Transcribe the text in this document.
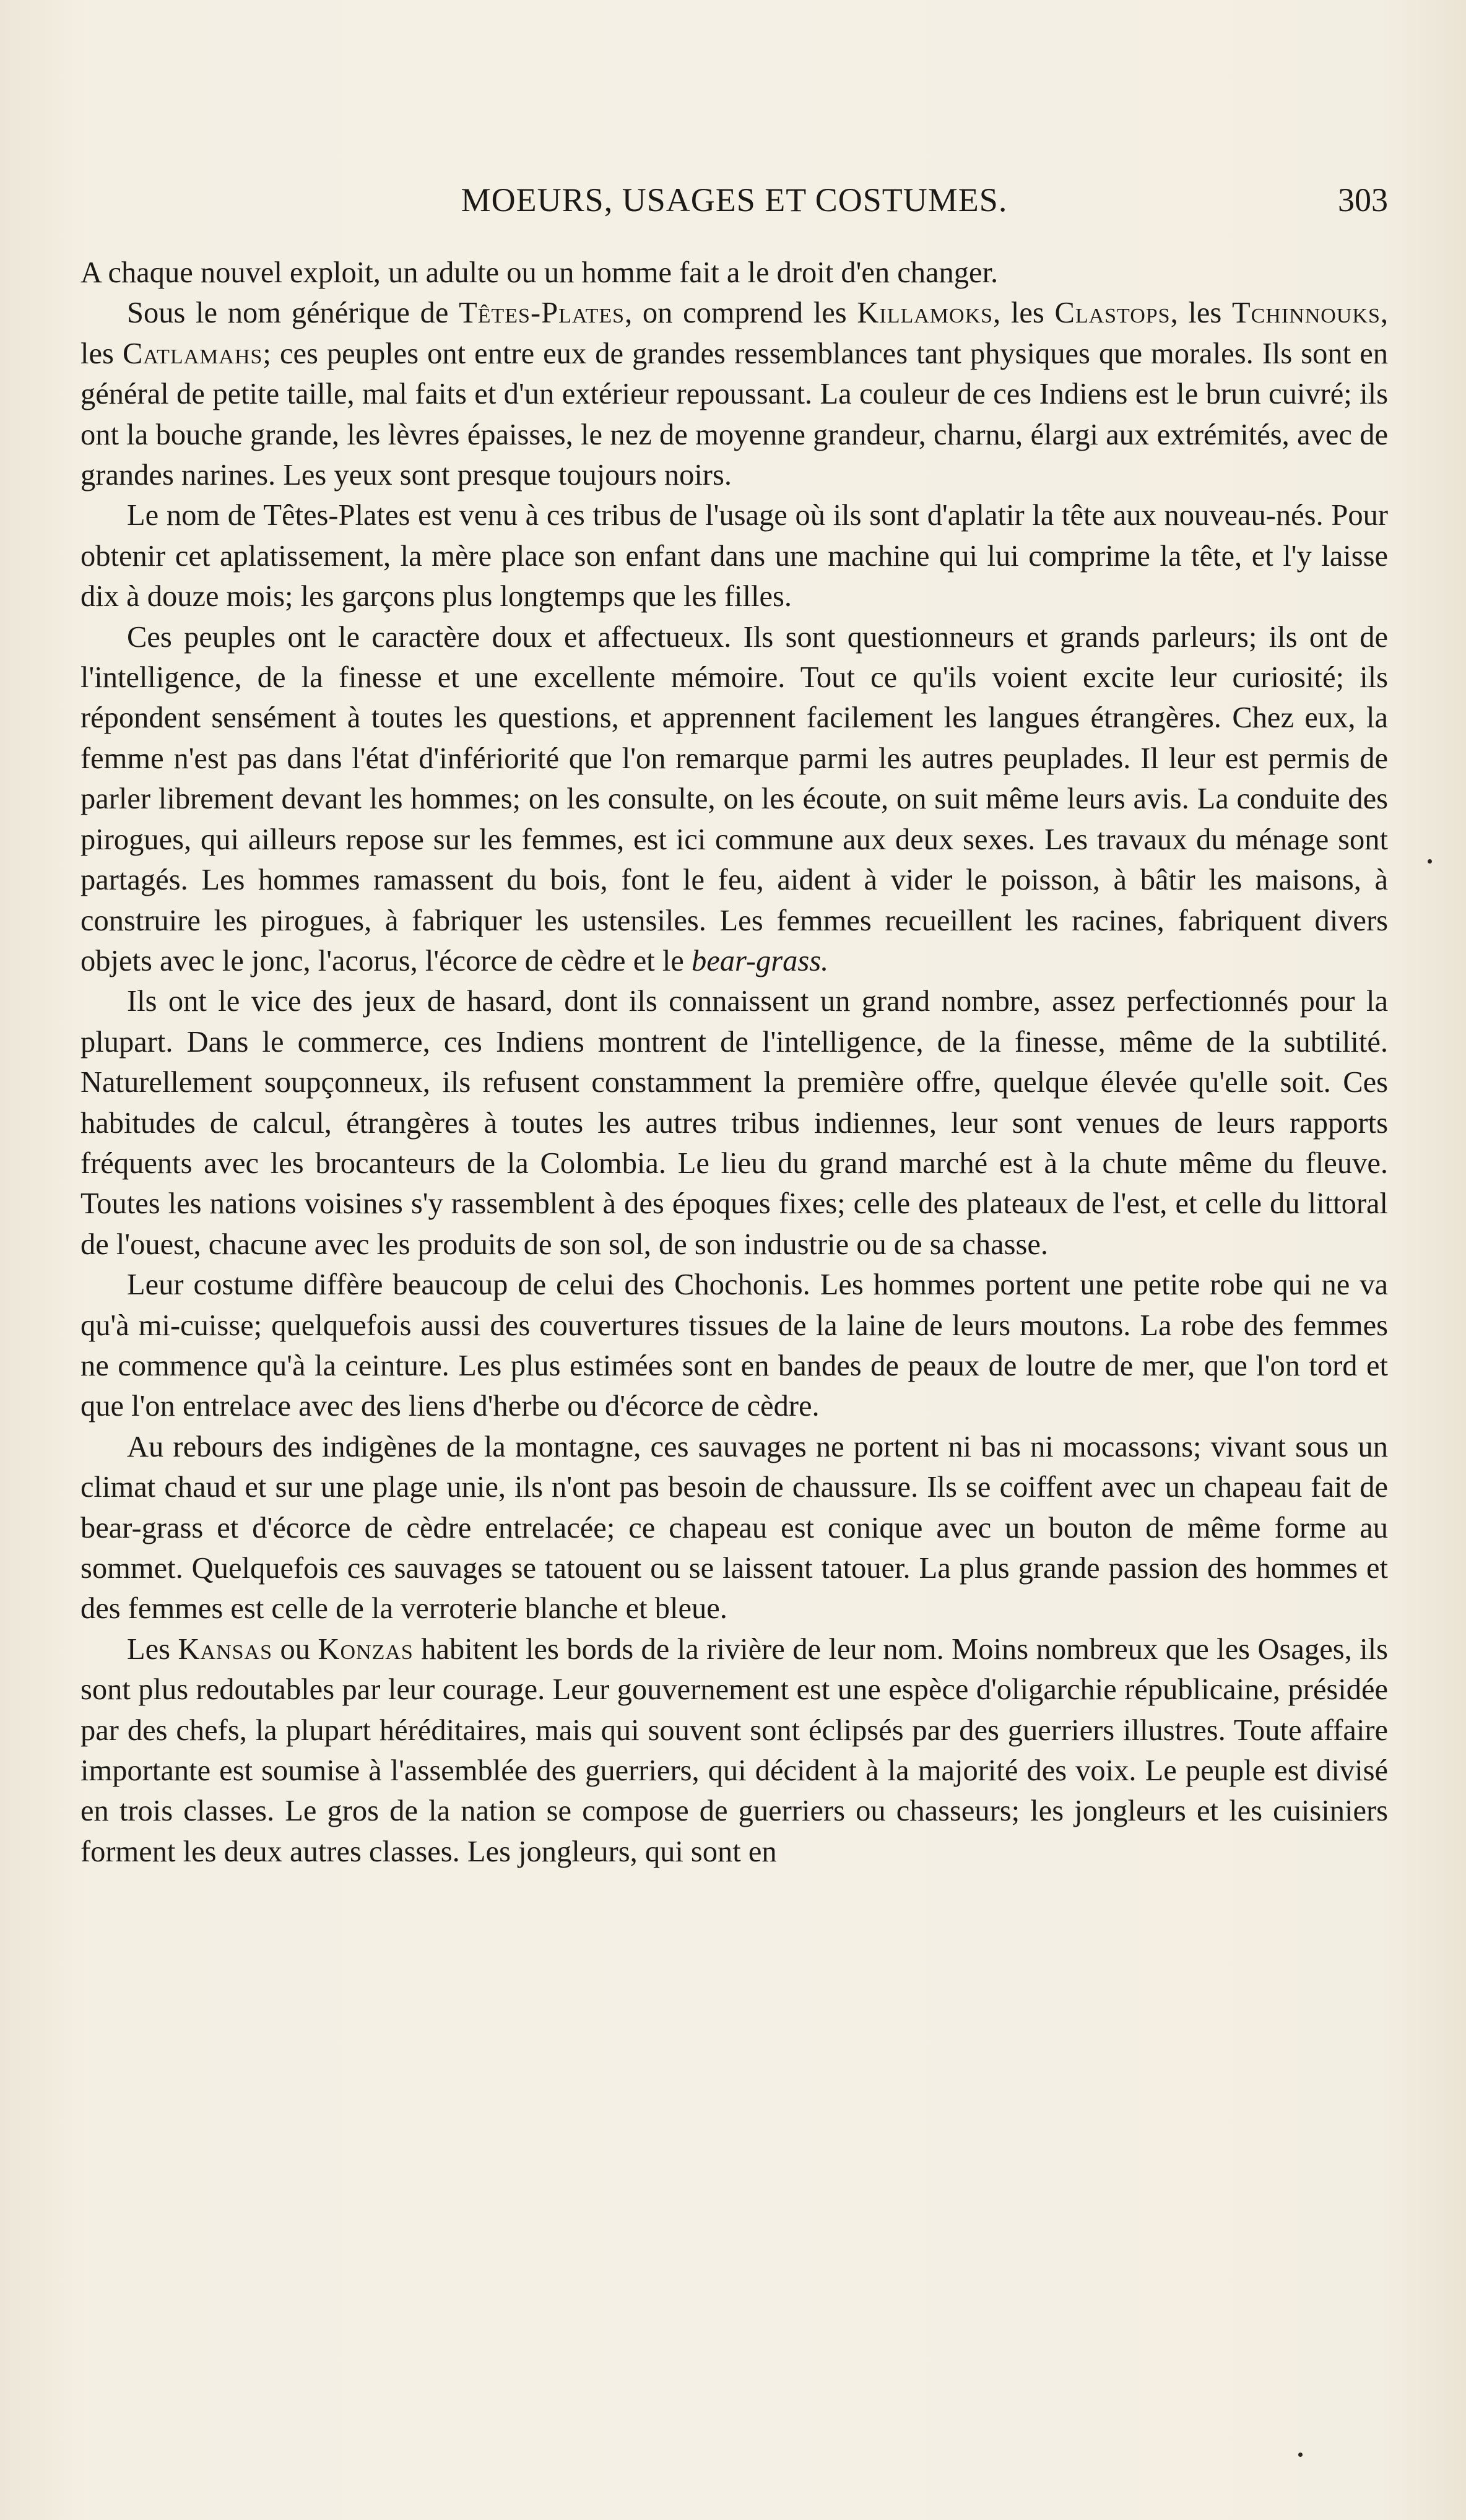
MOEURS, USAGES ET COSTUMES.	303

A chaque nouvel exploit, un adulte ou un homme fait a le droit d'en changer.

Sous le nom générique de Têtes-Plates, on comprend les Killamoks, les Clastops, les Tchinnouks, les Catlamahs; ces peuples ont entre eux de grandes ressemblances tant physiques que morales. Ils sont en général de petite taille, mal faits et d'un extérieur repoussant. La couleur de ces Indiens est le brun cuivré; ils ont la bouche grande, les lèvres épaisses, le nez de moyenne grandeur, charnu, élargi aux extrémités, avec de grandes narines. Les yeux sont presque toujours noirs.

Le nom de Têtes-Plates est venu à ces tribus de l'usage où ils sont d'aplatir la tête aux nouveau-nés. Pour obtenir cet aplatissement, la mère place son enfant dans une machine qui lui comprime la tête, et l'y laisse dix à douze mois; les garçons plus longtemps que les filles.

Ces peuples ont le caractère doux et affectueux. Ils sont questionneurs et grands parleurs; ils ont de l'intelligence, de la finesse et une excellente mémoire. Tout ce qu'ils voient excite leur curiosité; ils répondent sensément à toutes les questions, et apprennent facilement les langues étrangères. Chez eux, la femme n'est pas dans l'état d'infériorité que l'on remarque parmi les autres peuplades. Il leur est permis de parler librement devant les hommes; on les consulte, on les écoute, on suit même leurs avis. La conduite des pirogues, qui ailleurs repose sur les femmes, est ici commune aux deux sexes. Les travaux du ménage sont partagés. Les hommes ramassent du bois, font le feu, aident à vider le poisson, à bâtir les maisons, à construire les pirogues, à fabriquer les ustensiles. Les femmes recueillent les racines, fabriquent divers objets avec le jonc, l'acorus, l'écorce de cèdre et le bear-grass.

Ils ont le vice des jeux de hasard, dont ils connaissent un grand nombre, assez perfectionnés pour la plupart. Dans le commerce, ces Indiens montrent de l'intelligence, de la finesse, même de la subtilité. Naturellement soupçonneux, ils refusent constamment la première offre, quelque élevée qu'elle soit. Ces habitudes de calcul, étrangères à toutes les autres tribus indiennes, leur sont venues de leurs rapports fréquents avec les brocanteurs de la Colombia. Le lieu du grand marché est à la chute même du fleuve. Toutes les nations voisines s'y rassemblent à des époques fixes; celle des plateaux de l'est, et celle du littoral de l'ouest, chacune avec les produits de son sol, de son industrie ou de sa chasse.

Leur costume diffère beaucoup de celui des Chochonis. Les hommes portent une petite robe qui ne va qu'à mi-cuisse; quelquefois aussi des couvertures tissues de la laine de leurs moutons. La robe des femmes ne commence qu'à la ceinture. Les plus estimées sont en bandes de peaux de loutre de mer, que l'on tord et que l'on entrelace avec des liens d'herbe ou d'écorce de cèdre.

Au rebours des indigènes de la montagne, ces sauvages ne portent ni bas ni mocassons; vivant sous un climat chaud et sur une plage unie, ils n'ont pas besoin de chaussure. Ils se coiffent avec un chapeau fait de bear-grass et d'écorce de cèdre entrelacée; ce chapeau est conique avec un bouton de même forme au sommet. Quelquefois ces sauvages se tatouent ou se laissent tatouer. La plus grande passion des hommes et des femmes est celle de la verroterie blanche et bleue.

Les Kansas ou Konzas habitent les bords de la rivière de leur nom. Moins nombreux que les Osages, ils sont plus redoutables par leur courage. Leur gouvernement est une espèce d'oligarchie républicaine, présidée par des chefs, la plupart héréditaires, mais qui souvent sont éclipsés par des guerriers illustres. Toute affaire importante est soumise à l'assemblée des guerriers, qui décident à la majorité des voix. Le peuple est divisé en trois classes. Le gros de la nation se compose de guerriers ou chasseurs; les jongleurs et les cuisiniers forment les deux autres classes. Les jongleurs, qui sont en
